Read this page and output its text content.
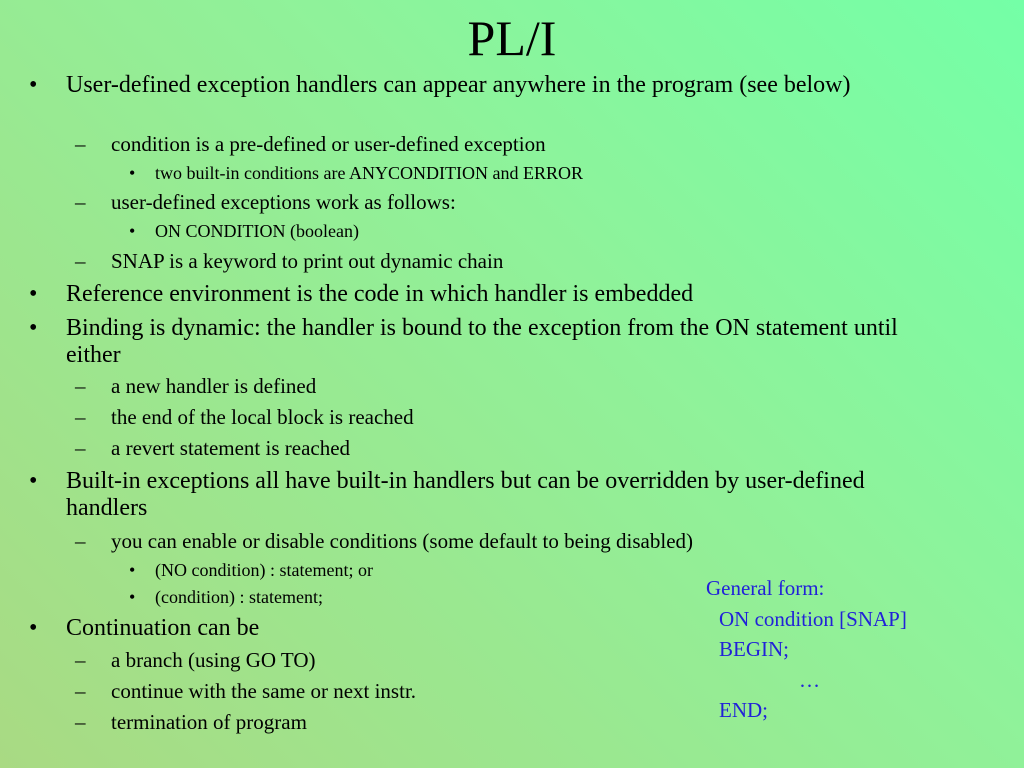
PL/I
• User-defined exception handlers can appear anywhere in the program (see below)
– condition is a pre-defined or user-defined exception
• two built-in conditions are ANYCONDITION and ERROR
– user-defined exceptions work as follows:
• ON CONDITION (boolean)
– SNAP is a keyword to print out dynamic chain
• Reference environment is the code in which handler is embedded
• Binding is dynamic: the handler is bound to the exception from the ON statement until either
– a new handler is defined
– the end of the local block is reached
– a revert statement is reached
• Built-in exceptions all have built-in handlers but can be overridden by user-defined handlers
– you can enable or disable conditions (some default to being disabled)
• (NO condition) : statement; or
• (condition) : statement;
• Continuation can be
– a branch (using GO TO)
– continue with the same or next instr.
– termination of program
General form:
ON condition [SNAP]
BEGIN;
…
END;
